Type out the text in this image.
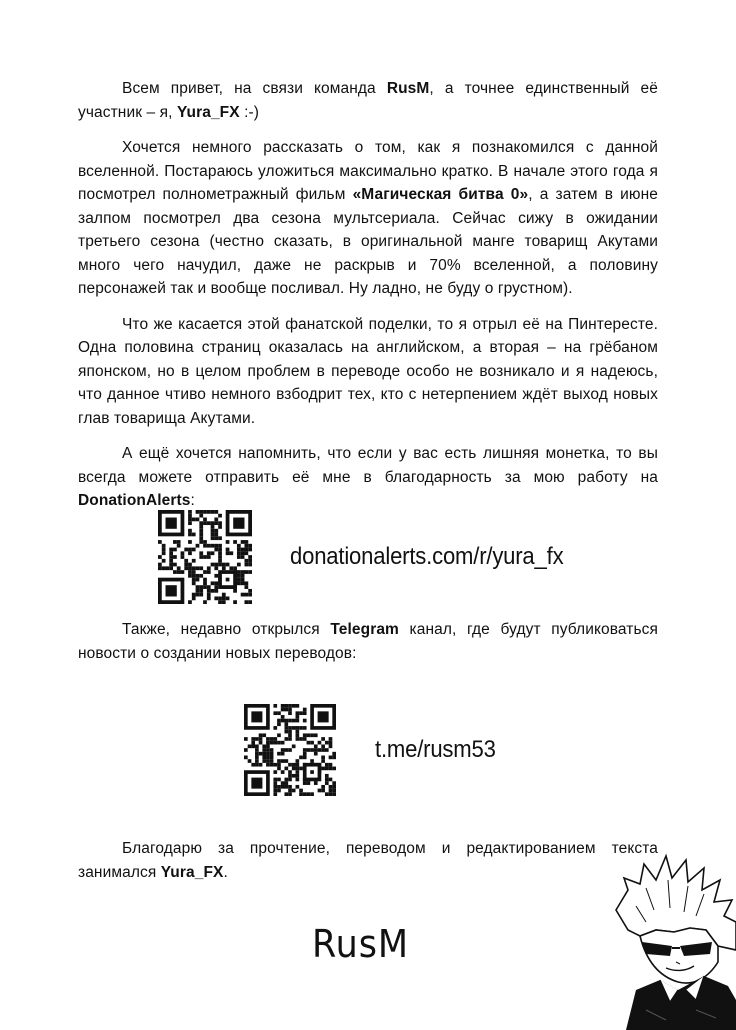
Всем привет, на связи команда RusM, а точнее единственный её участник – я, Yura_FX :-)

Хочется немного рассказать о том, как я познакомился с данной вселенной. Постараюсь уложиться максимально кратко. В начале этого года я посмотрел полнометражный фильм «Магическая битва 0», а затем в июне залпом посмотрел два сезона мультсериала. Сейчас сижу в ожидании третьего сезона (честно сказать, в оригинальной манге товарищ Акутами много чего начудил, даже не раскрыв и 70% вселенной, а половину персонажей так и вообще посливал. Ну ладно, не буду о грустном).

Что же касается этой фанатской поделки, то я отрыл её на Пинтересте. Одна половина страниц оказалась на английском, а вторая – на грёбаном японском, но в целом проблем в переводе особо не возникало и я надеюсь, что данное чтиво немного взбодрит тех, кто с нетерпением ждёт выход новых глав товарища Акутами.

А ещё хочется напомнить, что если у вас есть лишняя монетка, то вы всегда можете отправить её мне в благодарность за мою работу на DonationAlerts:

donationalerts.com/r/yura_fx

Также, недавно открылся Telegram канал, где будут публиковаться новости о создании новых переводов:

t.me/rusm53

Благодарю за прочтение, переводом и редактированием текста занимался Yura_FX.

RusM
